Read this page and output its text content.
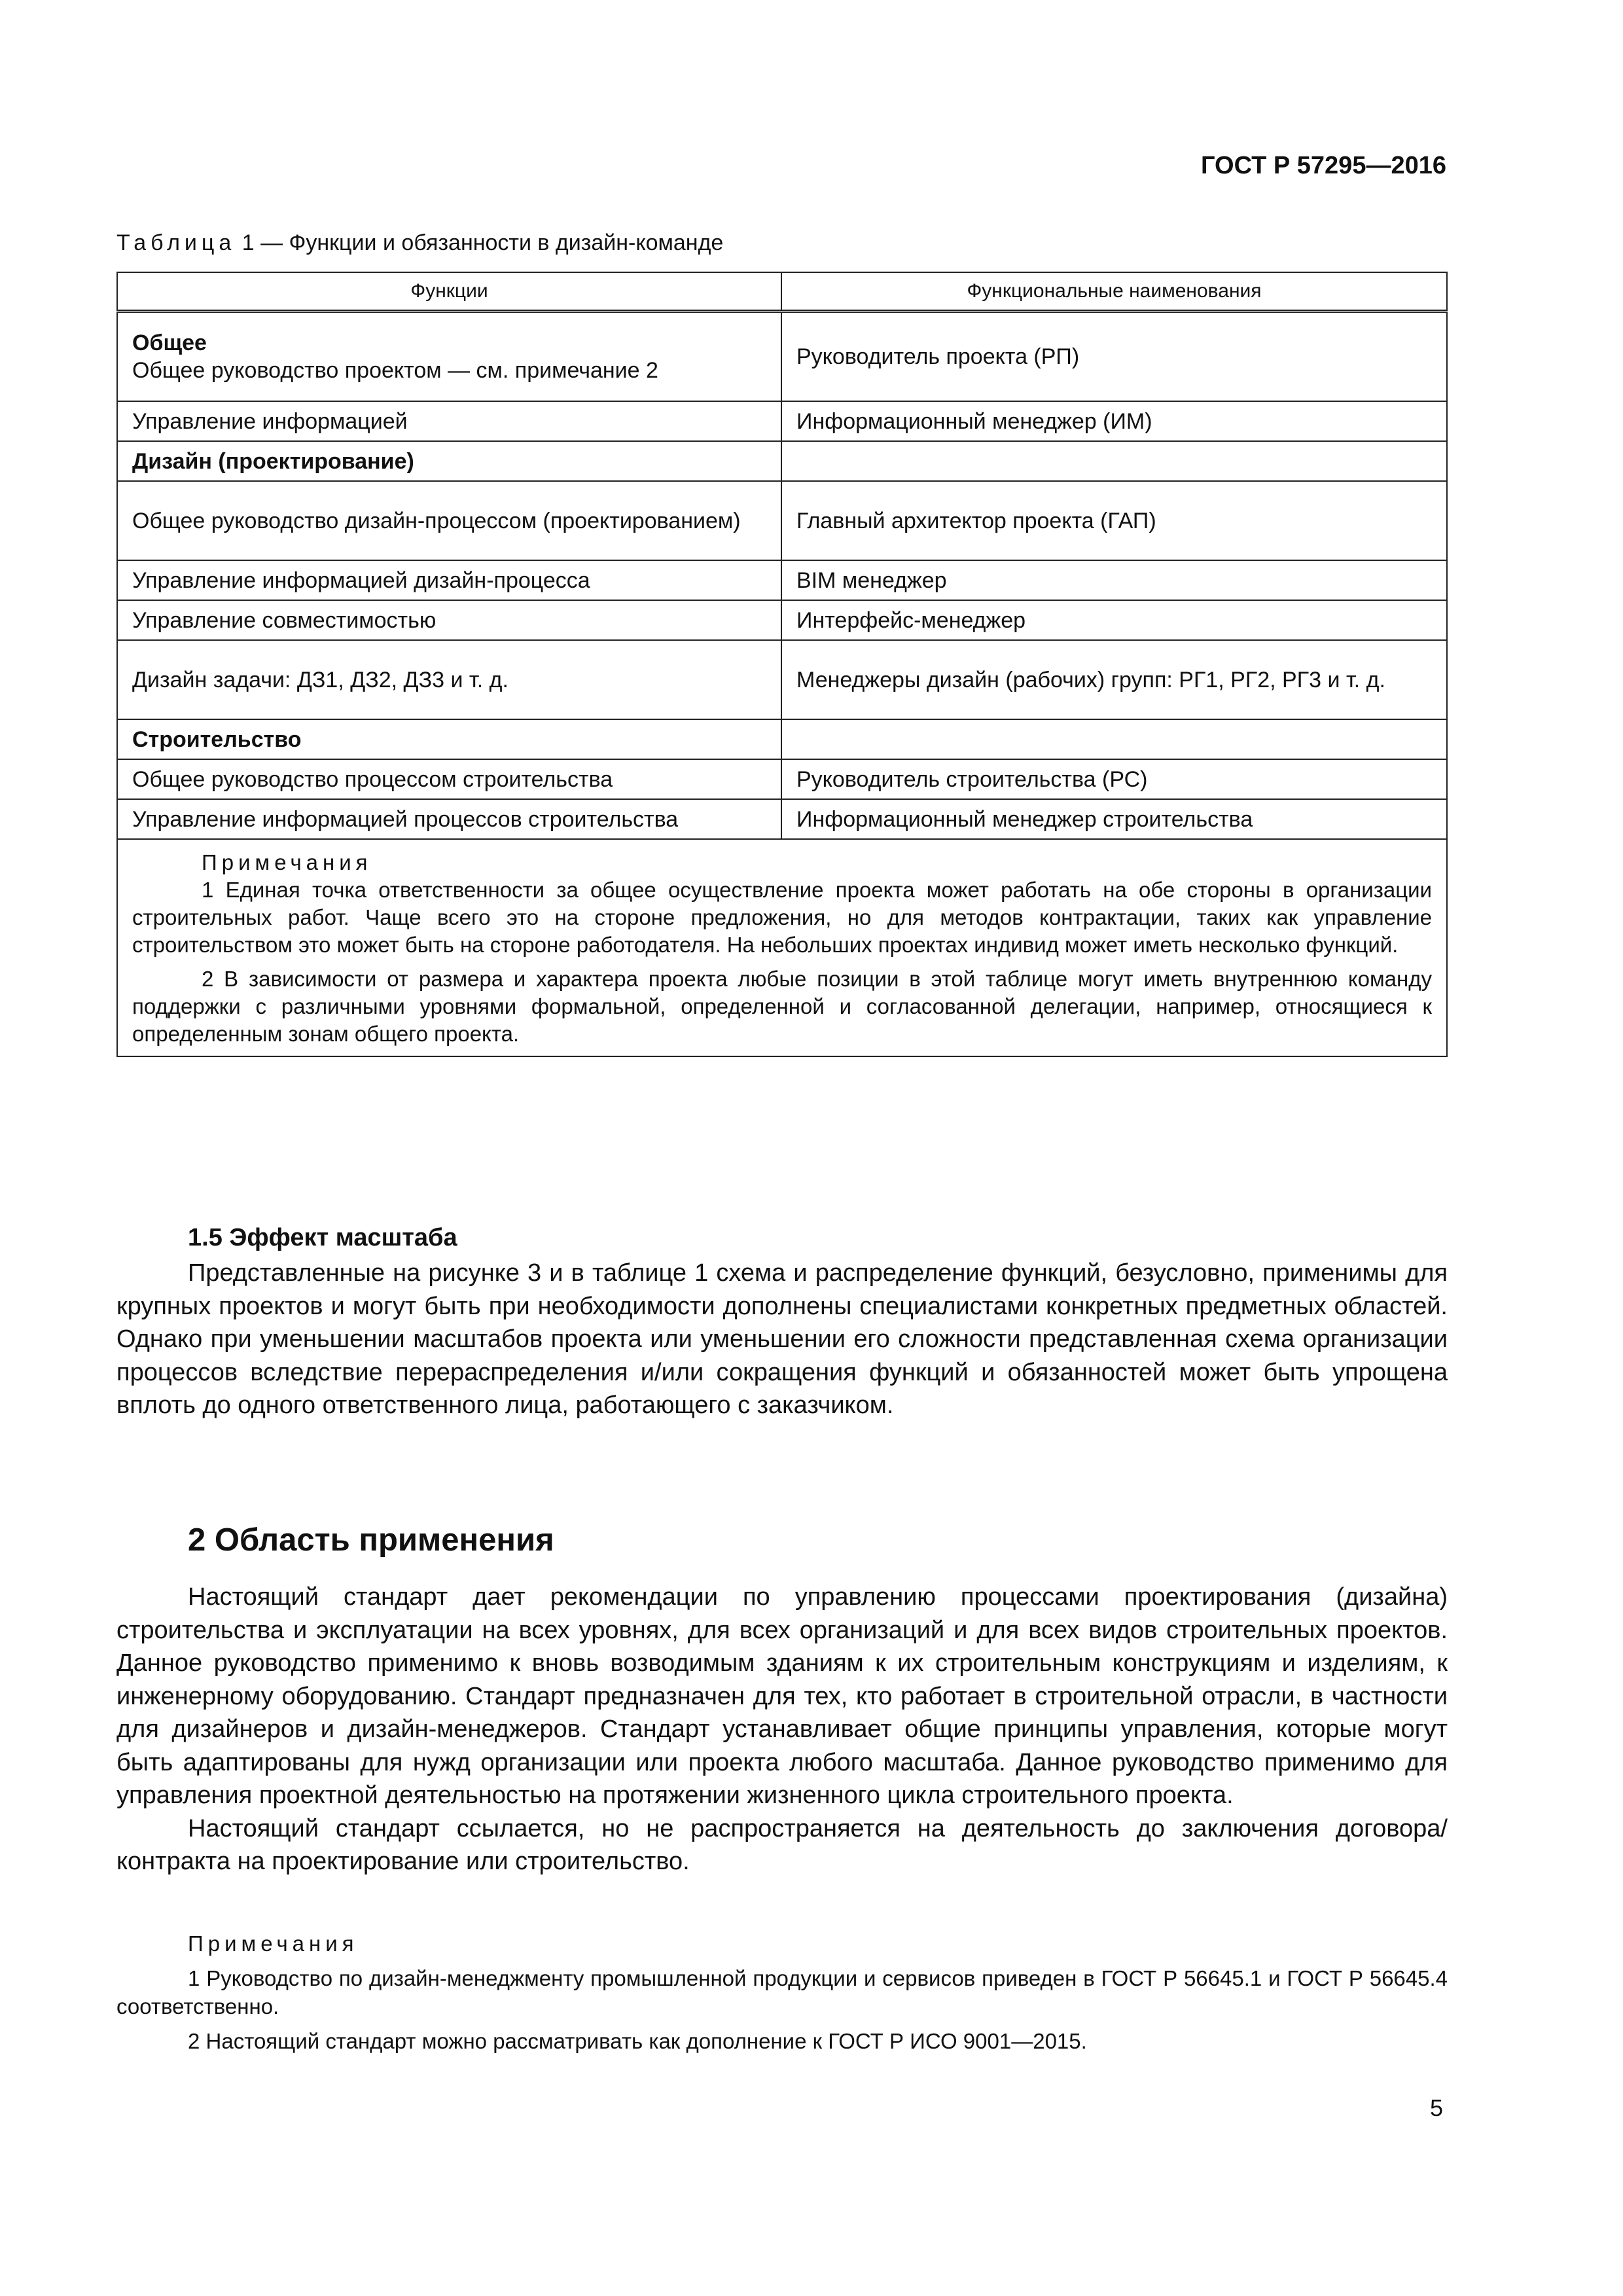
ГОСТ Р 57295—2016
Таблица 1 — Функции и обязанности в дизайн-команде
Функции	Функциональные наименования

Общее
Общее руководство проектом — см. примечание 2	Руководитель проекта (РП)
Управление информацией	Информационный менеджер (ИМ)
Дизайн (проектирование)	
Общее руководство дизайн-процессом (проектированием)	Главный архитектор проекта (ГАП)
Управление информацией дизайн-процесса	BIM менеджер
Управление совместимостью	Интерфейс-менеджер
Дизайн задачи: ДЗ1, ДЗ2, ДЗ3 и т. д.	Менеджеры дизайн (рабочих) групп: РГ1, РГ2, РГ3 и т. д.
Строительство	
Общее руководство процессом строительства	Руководитель строительства (РС)
Управление информацией процессов строительства	Информационный менеджер строительства

Примечания

1 Единая точка ответственности за общее осуществление проекта может работать на обе стороны в организации строительных работ. Чаще всего это на стороне предложения, но для методов контрактации, таких как управление строительством это может быть на стороне работодателя. На небольших проектах индивид может иметь несколько функций.

2 В зависимости от размера и характера проекта любые позиции в этой таблице могут иметь внутреннюю команду поддержки с различными уровнями формальной, определенной и согласованной делегации, например, относящиеся к определенным зонам общего проекта.	

1.5 Эффект масштаба

Представленные на рисунке 3 и в таблице 1 схема и распределение функций, безусловно, применимы для крупных проектов и могут быть при необходимости дополнены специалистами конкретных предметных областей. Однако при уменьшении масштабов проекта или уменьшении его сложности представленная схема организации процессов вследствие перераспределения и/или сокращения функций и обязанностей может быть упрощена вплоть до одного ответственного лица, работающего с заказчиком.

2 Область применения

Настоящий стандарт дает рекомендации по управлению процессами проектирования (дизайна) строительства и эксплуатации на всех уровнях, для всех организаций и для всех видов строительных проектов. Данное руководство применимо к вновь возводимым зданиям к их строительным конструкциям и изделиям, к инженерному оборудованию. Стандарт предназначен для тех, кто работает в строительной отрасли, в частности для дизайнеров и дизайн-менеджеров. Стандарт устанавливает общие принципы управления, которые могут быть адаптированы для нужд организации или проекта любого масштаба. Данное руководство применимо для управления проектной деятельностью на протяжении жизненного цикла строительного проекта.

Настоящий стандарт ссылается, но не распространяется на деятельность до заключения договора/контракта на проектирование или строительство.

Примечания

1 Руководство по дизайн-менеджменту промышленной продукции и сервисов приведен в ГОСТ Р 56645.1 и ГОСТ Р 56645.4 соответственно.

2 Настоящий стандарт можно рассматривать как дополнение к ГОСТ Р ИСО 9001—2015.

5
